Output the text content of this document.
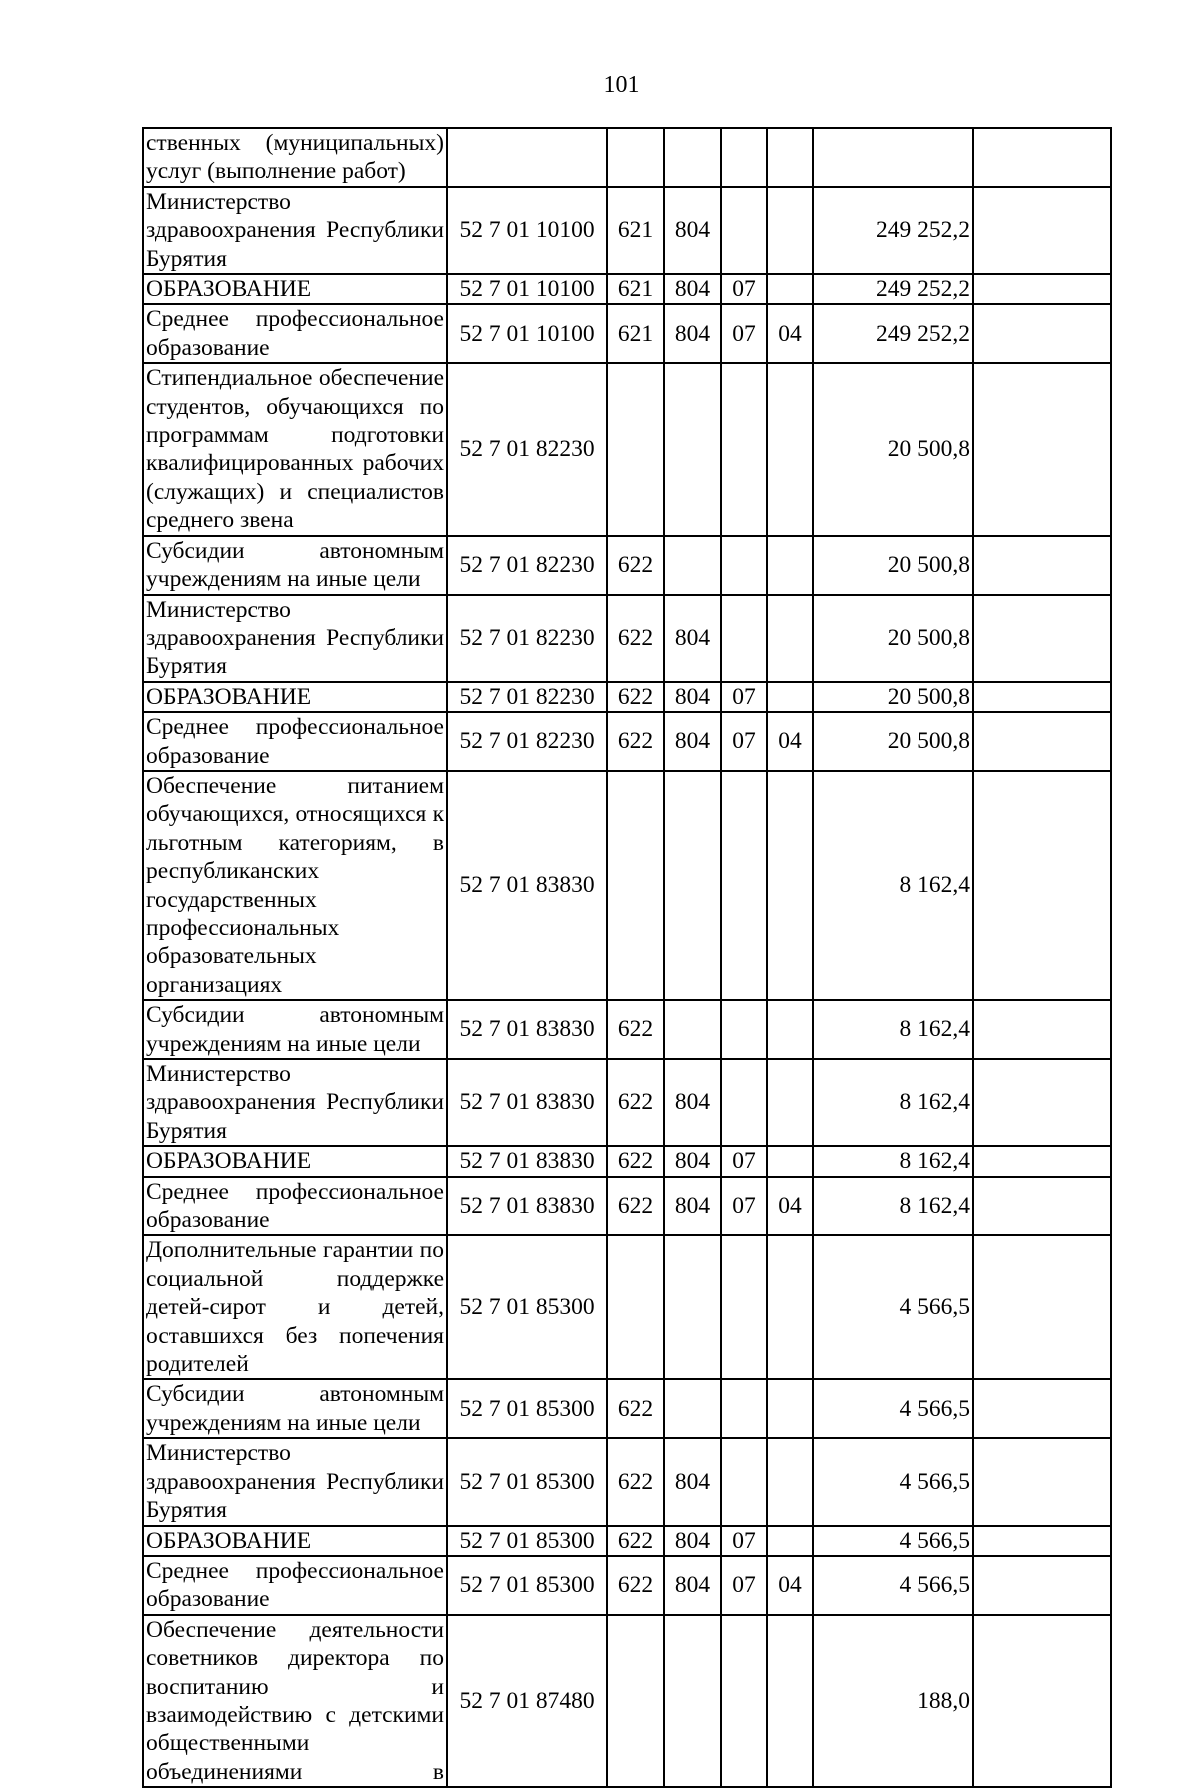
101
ственных (муниципальных) услуг (выполнение работ)							
Министерство здравоохранения Республики Бурятия	52 7 01 10100	621	804			249 252,2	
ОБРАЗОВАНИЕ	52 7 01 10100	621	804	07		249 252,2	
Среднее профессиональное образование	52 7 01 10100	621	804	07	04	249 252,2	
Стипендиальное обеспечение студентов, обучающихся по программам подготовки квалифицированных рабочих (служащих) и специалистов среднего звена	52 7 01 82230					20 500,8	
Субсидии автономным учреждениям на иные цели	52 7 01 82230	622				20 500,8	
Министерство здравоохранения Республики Бурятия	52 7 01 82230	622	804			20 500,8	
ОБРАЗОВАНИЕ	52 7 01 82230	622	804	07		20 500,8	
Среднее профессиональное образование	52 7 01 82230	622	804	07	04	20 500,8	
Обеспечение питанием обучающихся, относящихся к льготным категориям, в республиканских государственных профессиональных образовательных организациях	52 7 01 83830					8 162,4	
Субсидии автономным учреждениям на иные цели	52 7 01 83830	622				8 162,4	
Министерство здравоохранения Республики Бурятия	52 7 01 83830	622	804			8 162,4	
ОБРАЗОВАНИЕ	52 7 01 83830	622	804	07		8 162,4	
Среднее профессиональное образование	52 7 01 83830	622	804	07	04	8 162,4	
Дополнительные гарантии по социальной поддержке детей-сирот и детей, оставшихся без попечения родителей	52 7 01 85300					4 566,5	
Субсидии автономным учреждениям на иные цели	52 7 01 85300	622				4 566,5	
Министерство здравоохранения Республики Бурятия	52 7 01 85300	622	804			4 566,5	
ОБРАЗОВАНИЕ	52 7 01 85300	622	804	07		4 566,5	
Среднее профессиональное образование	52 7 01 85300	622	804	07	04	4 566,5	
Обеспечение деятельности советников директора по воспитанию и взаимодействию с детскими общественными объединениями в	52 7 01 87480					188,0	
